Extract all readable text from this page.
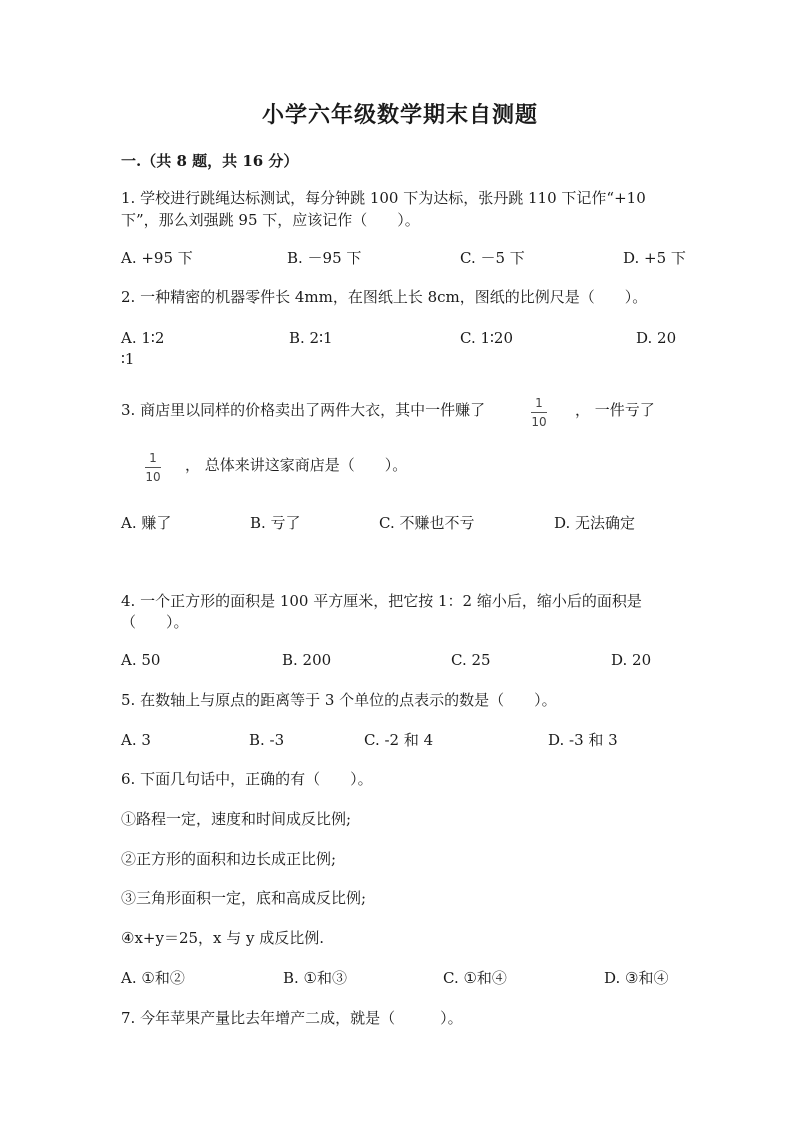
小学六年级数学期末自测题
一.（共 8 题，共 16 分）
1. 学校进行跳绳达标测试，每分钟跳 100 下为达标，张丹跳 110 下记作“+10
下”，那么刘强跳 95 下，应该记作（　　）。
A. +95 下	B. －95 下	C. －5 下	D. +5 下
2. 一种精密的机器零件长 4mm，在图纸上长 8cm，图纸的比例尺是（　　）。
A. 1∶2	B. 2∶1	C. 1∶20	D. 20
∶1
3. 商店里以同样的价格卖出了两件大衣，其中一件赚了	1
10
， 一件亏了
1
10
， 总体来讲这家商店是（　　）。
A. 赚了	B. 亏了	C. 不赚也不亏	D. 无法确定
4. 一个正方形的面积是 100 平方厘米，把它按 1：2 缩小后，缩小后的面积是
（　　）。
A. 50	B. 200	C. 25	D. 20
5. 在数轴上与原点的距离等于 3 个单位的点表示的数是（　　）。
A. 3	B. -3	C. -2 和 4	D. -3 和 3
6. 下面几句话中，正确的有（　　）。
①路程一定，速度和时间成反比例;
②正方形的面积和边长成正比例;
③三角形面积一定，底和高成反比例;
④x+y＝25，x 与 y 成反比例.
A. ①和②	B. ①和③	C. ①和④	D. ③和④
7. 今年苹果产量比去年增产二成，就是（　　　）。
